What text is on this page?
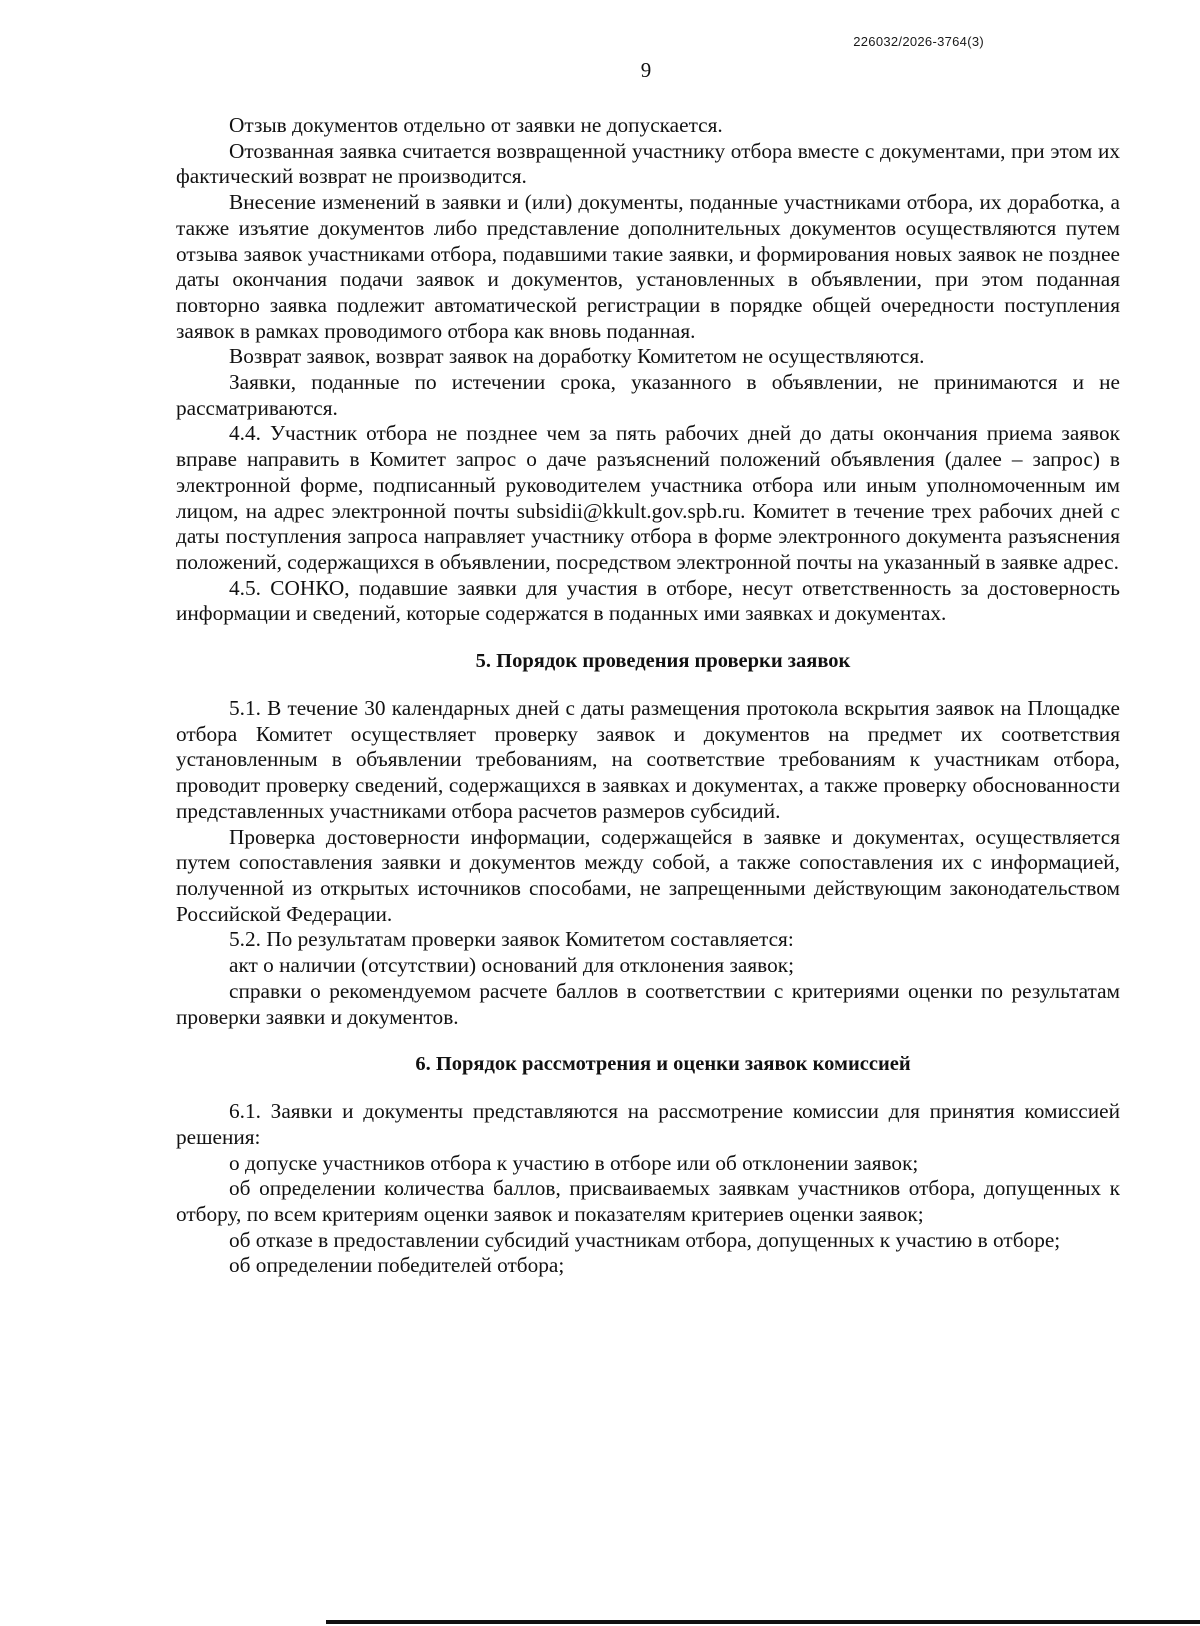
226032/2026-3764(3)
9

Отзыв документов отдельно от заявки не допускается.

Отозванная заявка считается возвращенной участнику отбора вместе с документами, при этом их фактический возврат не производится.

Внесение изменений в заявки и (или) документы, поданные участниками отбора, их доработка, а также изъятие документов либо представление дополнительных документов осуществляются путем отзыва заявок участниками отбора, подавшими такие заявки, и формирования новых заявок не позднее даты окончания подачи заявок и документов, установленных в объявлении, при этом поданная повторно заявка подлежит автоматической регистрации в порядке общей очередности поступления заявок в рамках проводимого отбора как вновь поданная.

Возврат заявок, возврат заявок на доработку Комитетом не осуществляются.

Заявки, поданные по истечении срока, указанного в объявлении, не принимаются и не рассматриваются.

4.4. Участник отбора не позднее чем за пять рабочих дней до даты окончания приема заявок вправе направить в Комитет запрос о даче разъяснений положений объявления (далее – запрос) в электронной форме, подписанный руководителем участника отбора или иным уполномоченным им лицом, на адрес электронной почты subsidii@kkult.gov.spb.ru. Комитет в течение трех рабочих дней с даты поступления запроса направляет участнику отбора в форме электронного документа разъяснения положений, содержащихся в объявлении, посредством электронной почты на указанный в заявке адрес.

4.5. СОНКО, подавшие заявки для участия в отборе, несут ответственность за достоверность информации и сведений, которые содержатся в поданных ими заявках и документах.

5. Порядок проведения проверки заявок

5.1. В течение 30 календарных дней с даты размещения протокола вскрытия заявок на Площадке отбора Комитет осуществляет проверку заявок и документов на предмет их соответствия установленным в объявлении требованиям, на соответствие требованиям к участникам отбора, проводит проверку сведений, содержащихся в заявках и документах, а также проверку обоснованности представленных участниками отбора расчетов размеров субсидий.

Проверка достоверности информации, содержащейся в заявке и документах, осуществляется путем сопоставления заявки и документов между собой, а также сопоставления их с информацией, полученной из открытых источников способами, не запрещенными действующим законодательством Российской Федерации.

5.2. По результатам проверки заявок Комитетом составляется:

акт о наличии (отсутствии) оснований для отклонения заявок;

справки о рекомендуемом расчете баллов в соответствии с критериями оценки по результатам проверки заявки и документов.

6. Порядок рассмотрения и оценки заявок комиссией

6.1. Заявки и документы представляются на рассмотрение комиссии для принятия комиссией решения:

о допуске участников отбора к участию в отборе или об отклонении заявок;

об определении количества баллов, присваиваемых заявкам участников отбора, допущенных к отбору, по всем критериям оценки заявок и показателям критериев оценки заявок;

об отказе в предоставлении субсидий участникам отбора, допущенных к участию в отборе;

об определении победителей отбора;
